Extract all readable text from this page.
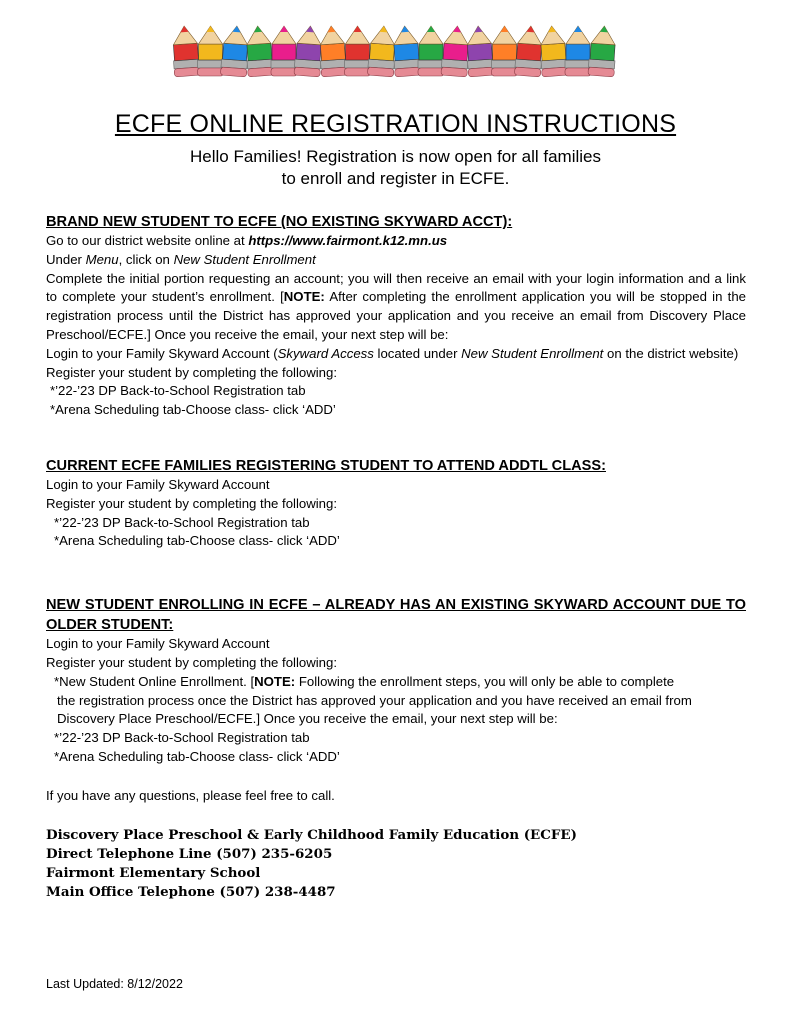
ECFE ONLINE REGISTRATION INSTRUCTIONS
Hello Families! Registration is now open for all families
to enroll and register in ECFE.
BRAND NEW STUDENT TO ECFE (NO EXISTING SKYWARD ACCT):
Go to our district website online at https://www.fairmont.k12.mn.us
Under Menu, click on New Student Enrollment
Complete the initial portion requesting an account; you will then receive an email with your login information and a link to complete your student’s enrollment. [NOTE: After completing the enrollment application you will be stopped in the registration process until the District has approved your application and you receive an email from Discovery Place Preschool/ECFE.] Once you receive the email, your next step will be:
Login to your Family Skyward Account (Skyward Access located under New Student Enrollment on the district website)
Register your student by completing the following:
*’22-’23 DP Back-to-School Registration tab
*Arena Scheduling tab-Choose class- click ‘ADD’
CURRENT ECFE FAMILIES REGISTERING STUDENT TO ATTEND ADDTL CLASS:
Login to your Family Skyward Account
Register your student by completing the following:
*’22-’23 DP Back-to-School Registration tab
*Arena Scheduling tab-Choose class- click ‘ADD’
NEW STUDENT ENROLLING IN ECFE – ALREADY HAS AN EXISTING SKYWARD ACCOUNT DUE TO OLDER STUDENT:
Login to your Family Skyward Account
Register your student by completing the following:
*New Student Online Enrollment. [NOTE: Following the enrollment steps, you will only be able to complete
the registration process once the District has approved your application and you have received an email from
Discovery Place Preschool/ECFE.] Once you receive the email, your next step will be:
*’22-’23 DP Back-to-School Registration tab
*Arena Scheduling tab-Choose class- click ‘ADD’
If you have any questions, please feel free to call.
Discovery Place Preschool & Early Childhood Family Education (ECFE)
Direct Telephone Line (507) 235-6205
Fairmont Elementary School
Main Office Telephone (507) 238-4487
Last Updated: 8/12/2022
